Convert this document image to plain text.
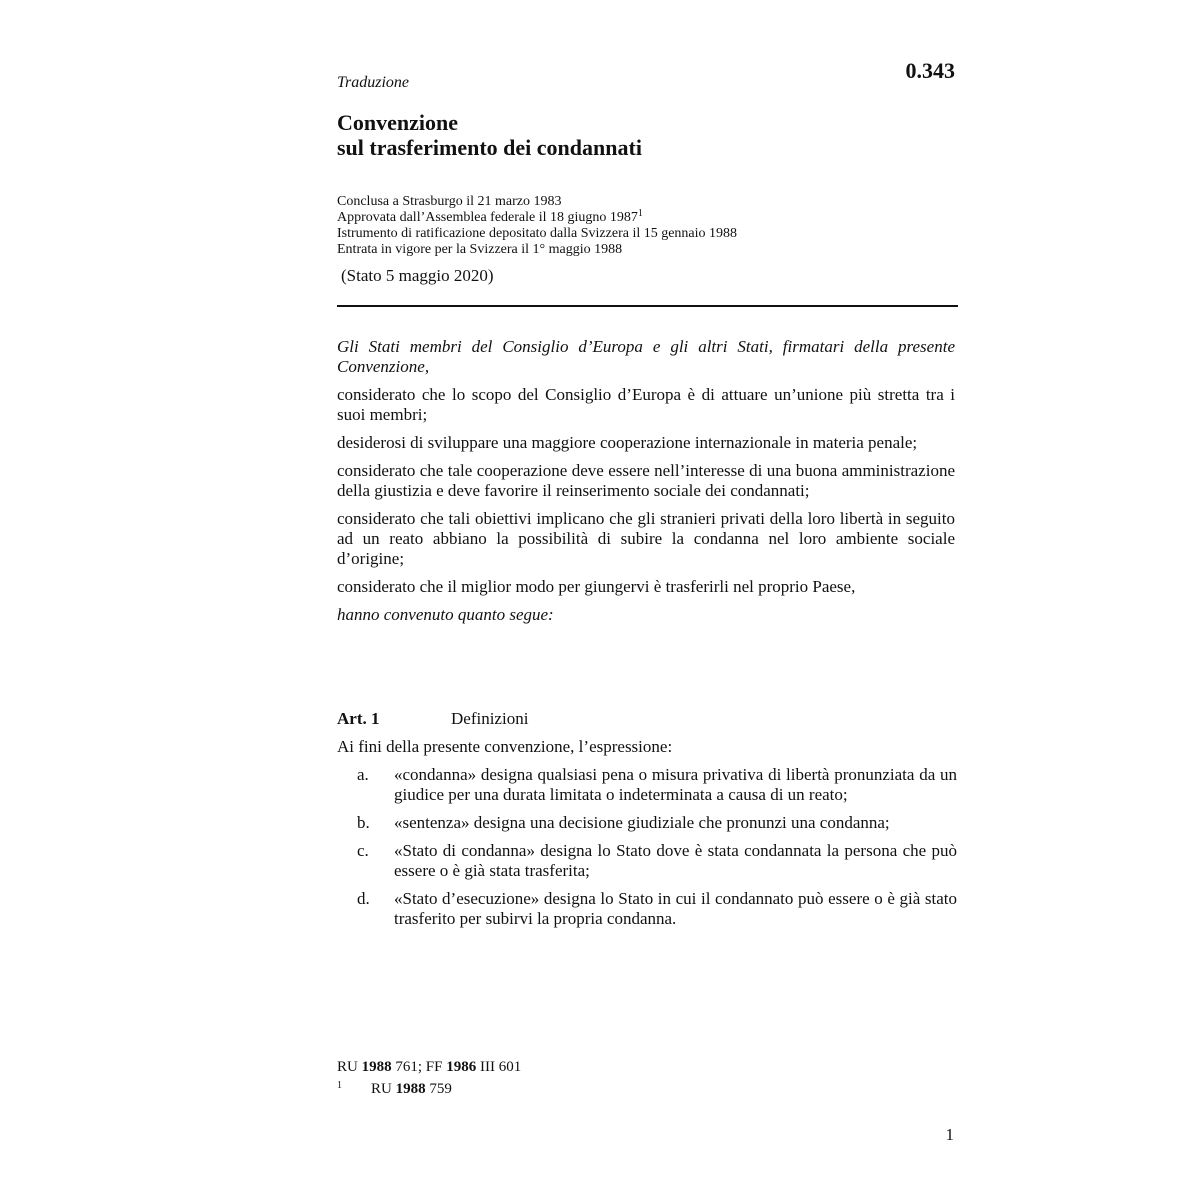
0.343
Traduzione
Convenzione
sul trasferimento dei condannati
Conclusa a Strasburgo il 21 marzo 1983
Approvata dall’Assemblea federale il 18 giugno 1987$^1$
Istrumento di ratificazione depositato dalla Svizzera il 15 gennaio 1988
Entrata in vigore per la Svizzera il 1° maggio 1988
(Stato 5 maggio 2020)

Gli Stati membri del Consiglio d’Europa e gli altri Stati, firmatari della presente Convenzione,

considerato che lo scopo del Consiglio d’Europa è di attuare un’unione più stretta tra i suoi membri;

desiderosi di sviluppare una maggiore cooperazione internazionale in materia penale;

considerato che tale cooperazione deve essere nell’interesse di una buona amministrazione della giustizia e deve favorire il reinserimento sociale dei condannati;

considerato che tali obiettivi implicano che gli stranieri privati della loro libertà in seguito ad un reato abbiano la possibilità di subire la condanna nel loro ambiente sociale d’origine;

considerato che il miglior modo per giungervi è trasferirli nel proprio Paese,

hanno convenuto quanto segue:

Art. 1	Definizioni
Ai fini della presente convenzione, l’espressione:
a.	«condanna» designa qualsiasi pena o misura privativa di libertà pronunziata da un giudice per una durata limitata o indeterminata a causa di un reato;
b.	«sentenza» designa una decisione giudiziale che pronunzi una condanna;
c.	«Stato di condanna» designa lo Stato dove è stata condannata la persona che può essere o è già stata trasferita;
d.	«Stato d’esecuzione» designa lo Stato in cui il condannato può essere o è già stato trasferito per subirvi la propria condanna.
RU 1988 761; FF 1986 III 601
1 RU 1988 759
1
